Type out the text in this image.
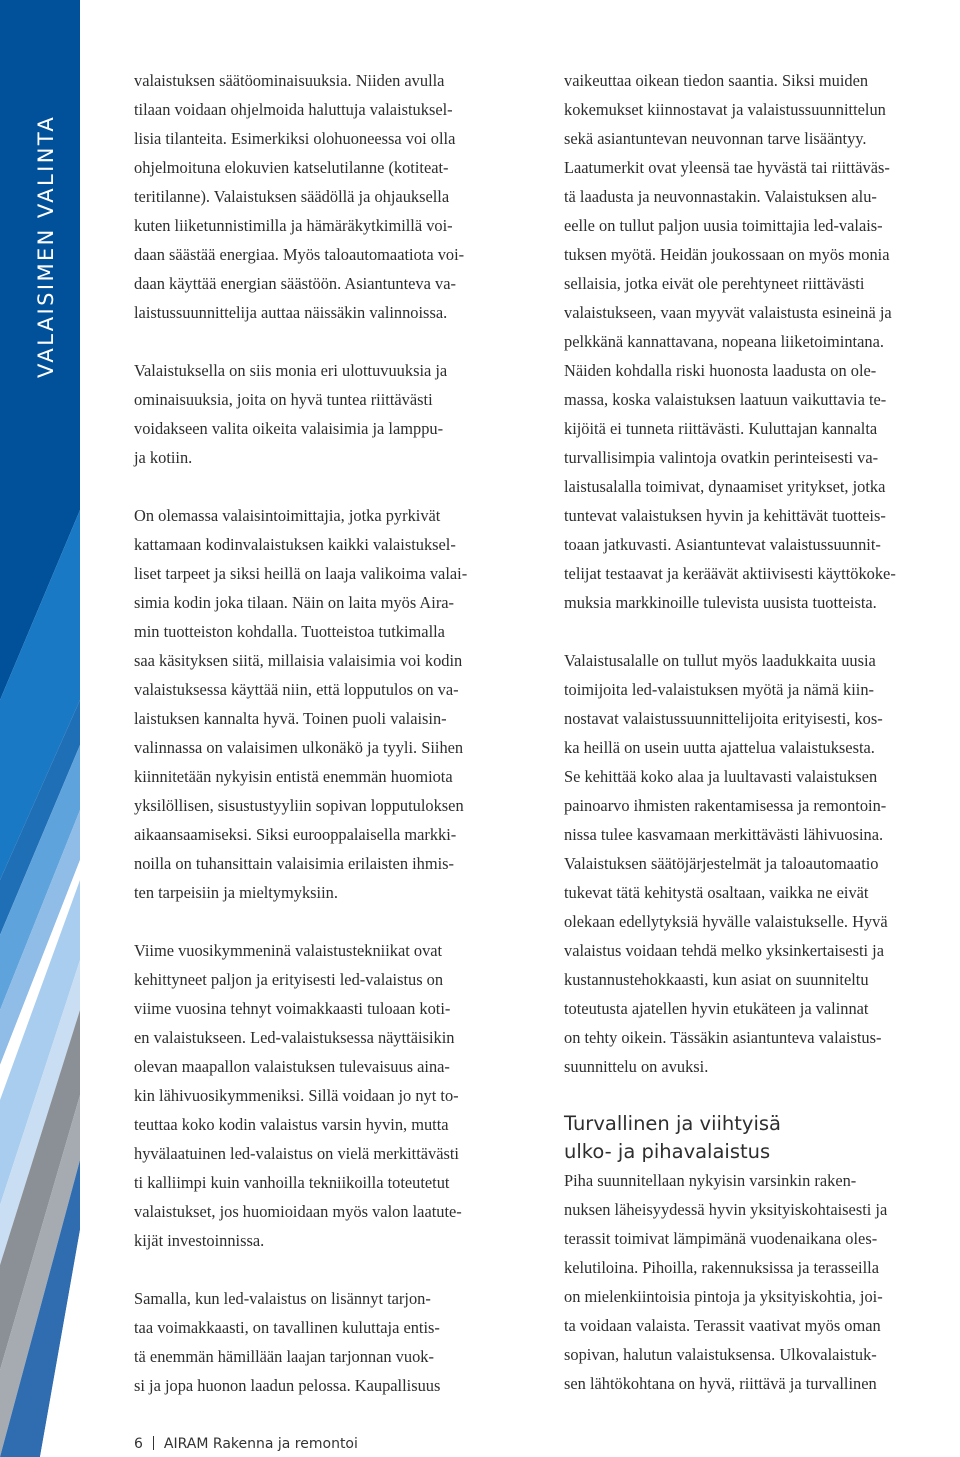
VALAISIMEN VALINTA
valaistuksen säätöominaisuuksia. Niiden avulla
tilaan voidaan ohjelmoida haluttuja valaistuksel-
lisia tilanteita. Esimerkiksi olohuoneessa voi olla
ohjelmoituna elokuvien katselutilanne (kotiteat-
teritilanne). Valaistuksen säädöllä ja ohjauksella
kuten liiketunnistimilla ja hämäräkytkimillä voi-
daan säästää energiaa. Myös taloautomaatiota voi-
daan käyttää energian säästöön. Asiantunteva va-
laistussuunnittelija auttaa näissäkin valinnoissa.
Valaistuksella on siis monia eri ulottuvuuksia ja
ominaisuuksia, joita on hyvä tuntea riittävästi
voidakseen valita oikeita valaisimia ja lamppu-
ja kotiin.
On olemassa valaisintoimittajia, jotka pyrkivät
kattamaan kodinvalaistuksen kaikki valaistuksel-
liset tarpeet ja siksi heillä on laaja valikoima valai-
simia kodin joka tilaan. Näin on laita myös Aira-
min tuotteiston kohdalla. Tuotteistoa tutkimalla
saa käsityksen siitä, millaisia valaisimia voi kodin
valaistuksessa käyttää niin, että lopputulos on va-
laistuksen kannalta hyvä. Toinen puoli valaisin-
valinnassa on valaisimen ulkonäkö ja tyyli. Siihen
kiinnitetään nykyisin entistä enemmän huomiota
yksilöllisen, sisustustyyliin sopivan lopputuloksen
aikaansaamiseksi. Siksi eurooppalaisella markki-
noilla on tuhansittain valaisimia erilaisten ihmis-
ten tarpeisiin ja mieltymyksiin.
Viime vuosikymmeninä valaistustekniikat ovat
kehittyneet paljon ja erityisesti led-valaistus on
viime vuosina tehnyt voimakkaasti tuloaan koti-
en valaistukseen. Led-valaistuksessa näyttäisikin
olevan maapallon valaistuksen tulevaisuus aina-
kin lähivuosikymmeniksi. Sillä voidaan jo nyt to-
teuttaa koko kodin valaistus varsin hyvin, mutta
hyvälaatuinen led-valaistus on vielä merkittävästi
ti kalliimpi kuin vanhoilla tekniikoilla toteutetut
valaistukset, jos huomioidaan myös valon laatute-
kijät investoinnissa.
Samalla, kun led-valaistus on lisännyt tarjon-
taa voimakkaasti, on tavallinen kuluttaja entis-
tä enemmän hämillään laajan tarjonnan vuok-
si ja jopa huonon laadun pelossa. Kaupallisuus
vaikeuttaa oikean tiedon saantia. Siksi muiden
kokemukset kiinnostavat ja valaistussuunnittelun
sekä asiantuntevan neuvonnan tarve lisääntyy.
Laatumerkit ovat yleensä tae hyvästä tai riittäväs-
tä laadusta ja neuvonnastakin. Valaistuksen alu-
eelle on tullut paljon uusia toimittajia led-valais-
tuksen myötä. Heidän joukossaan on myös monia
sellaisia, jotka eivät ole perehtyneet riittävästi
valaistukseen, vaan myyvät valaistusta esineinä ja
pelkkänä kannattavana, nopeana liiketoimintana.
Näiden kohdalla riski huonosta laadusta on ole-
massa, koska valaistuksen laatuun vaikuttavia te-
kijöitä ei tunneta riittävästi. Kuluttajan kannalta
turvallisimpia valintoja ovatkin perinteisesti va-
laistusalalla toimivat, dynaamiset yritykset, jotka
tuntevat valaistuksen hyvin ja kehittävät tuotteis-
toaan jatkuvasti. Asiantuntevat valaistussuunnit-
telijat testaavat ja keräävät aktiivisesti käyttökoke-
muksia markkinoille tulevista uusista tuotteista.
Valaistusalalle on tullut myös laadukkaita uusia
toimijoita led-valaistuksen myötä ja nämä kiin-
nostavat valaistussuunnittelijoita erityisesti, kos-
ka heillä on usein uutta ajattelua valaistuksesta.
Se kehittää koko alaa ja luultavasti valaistuksen
painoarvo ihmisten rakentamisessa ja remontoin-
nissa tulee kasvamaan merkittävästi lähivuosina.
Valaistuksen säätöjärjestelmät ja taloautomaatio
tukevat tätä kehitystä osaltaan, vaikka ne eivät
olekaan edellytyksiä hyvälle valaistukselle. Hyvä
valaistus voidaan tehdä melko yksinkertaisesti ja
kustannustehokkaasti, kun asiat on suunniteltu
toteutusta ajatellen hyvin etukäteen ja valinnat
on tehty oikein. Tässäkin asiantunteva valaistus-
suunnittelu on avuksi.
Turvallinen ja viihtyisä
ulko- ja pihavalaistus
Piha suunnitellaan nykyisin varsinkin raken-
nuksen läheisyydessä hyvin yksityiskohtaisesti ja
terassit toimivat lämpimänä vuodenaikana oles-
kelutiloina. Pihoilla, rakennuksissa ja terasseilla
on mielenkiintoisia pintoja ja yksityiskohtia, joi-
ta voidaan valaista. Terassit vaativat myös oman
sopivan, halutun valaistuksensa. Ulkovalaistuk-
sen lähtökohtana on hyvä, riittävä ja turvallinen
6 AIRAM Rakenna ja remontoi
